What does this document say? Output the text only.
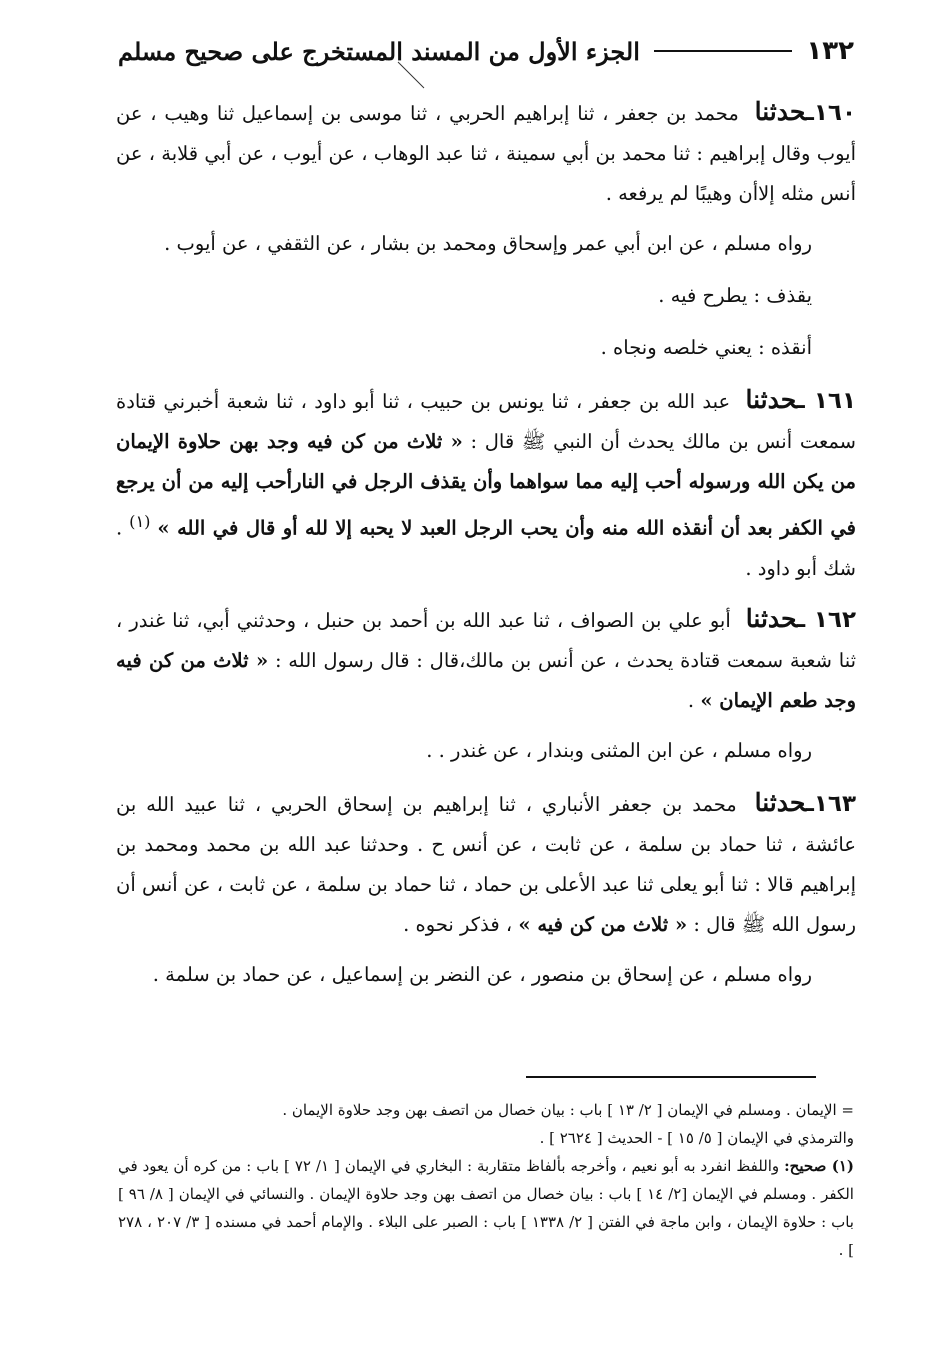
١٣٢
الجزء الأول من المسند المستخرج على صحيح مسلم

١٦٠ـحدثنا محمد بن جعفر ، ثنا إبراهيم الحربي ، ثنا موسى بن إسماعيل ثنا وهيب ، عن أيوب وقال إبراهيم : ثنا محمد بن أبي سمينة ، ثنا عبد الوهاب ، عن أيوب ، عن أبي قلابة ، عن أنس مثله إلاأن وهيبًا لم يرفعه .

رواه مسلم ، عن ابن أبي عمر وإسحاق ومحمد بن بشار ، عن الثقفي ، عن أيوب .

يقذف : يطرح فيه .

أنقذه : يعني خلصه ونجاه .

١٦١ ـحدثنا عبد الله بن جعفر ، ثنا يونس بن حبيب ، ثنا أبو داود ، ثنا شعبة أخبرني قتادة سمعت أنس بن مالك يحدث أن النبي ﷺ قال : « ثلاث من كن فيه وجد بهن حلاوة الإيمان من يكن الله ورسوله أحب إليه مما سواهما وأن يقذف الرجل في النارأحب إليه من أن يرجع في الكفر بعد أن أنقذه الله منه وأن يحب الرجل العبد لا يحبه إلا لله أو قال في الله » $^{(١)}$ . شك أبو داود .

١٦٢ ـحدثنا أبو علي بن الصواف ، ثنا عبد الله بن أحمد بن حنبل ، وحدثني أبي، ثنا غندر ، ثنا شعبة سمعت قتادة يحدث ، عن أنس بن مالك،قال : قال رسول الله : « ثلاث من كن فيه وجد طعم الإيمان » .

رواه مسلم ، عن ابن المثنى وبندار ، عن غندر . .

١٦٣ـحدثنا محمد بن جعفر الأنباري ، ثنا إبراهيم بن إسحاق الحربي ، ثنا عبيد الله بن عائشة ، ثنا حماد بن سلمة ، عن ثابت ، عن أنس ح . وحدثنا عبد الله بن محمد ومحمد بن إبراهيم قالا : ثنا أبو يعلى ثنا عبد الأعلى بن حماد ، ثنا حماد بن سلمة ، عن ثابت ، عن أنس أن رسول الله ﷺ قال : « ثلاث من كن فيه » ، فذكر نحوه .

رواه مسلم ، عن إسحاق بن منصور ، عن النضر بن إسماعيل ، عن حماد بن سلمة .

= الإيمان . ومسلم في الإيمان [ ٢/ ١٣ ] باب : بيان خصال من اتصف بهن وجد حلاوة الإيمان .

والترمذي في الإيمان [ ٥/ ١٥ ] - الحديث [ ٢٦٢٤ ] .

(١) صحيح: واللفظ انفرد به أبو نعيم ، وأخرجه بألفاظ متقاربة : البخاري في الإيمان [ ١/ ٧٢ ] باب : من كره أن يعود في الكفر . ومسلم في الإيمان [٢/ ١٤ ] باب : بيان خصال من اتصف بهن وجد حلاوة الإيمان . والنسائي في الإيمان [ ٨/ ٩٦ ] باب : حلاوة الإيمان ، وابن ماجة في الفتن [ ٢/ ١٣٣٨ ] باب : الصبر على البلاء . والإمام أحمد في مسنده [ ٣/ ٢٠٧ ، ٢٧٨ ] .
